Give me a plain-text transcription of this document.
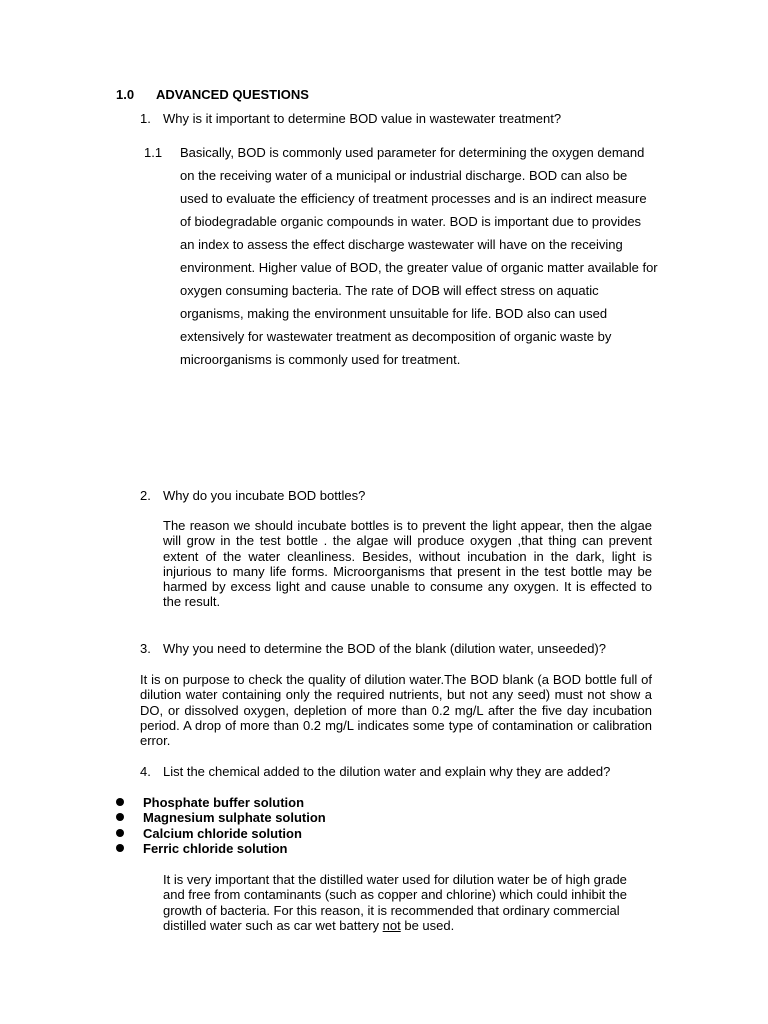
1.0 ADVANCED QUESTIONS
1. Why is it important to determine BOD value in wastewater treatment?
1.1 Basically, BOD is commonly used parameter for determining the oxygen demand on the receiving water of a municipal or industrial discharge. BOD can also be used to evaluate the efficiency of treatment processes and is an indirect measure of biodegradable organic compounds in water. BOD is important due to provides an index to assess the effect discharge wastewater will have on the receiving environment. Higher value of BOD, the greater value of organic matter available for oxygen consuming bacteria. The rate of DOB will effect stress on aquatic organisms, making the environment unsuitable for life. BOD also can used extensively for wastewater treatment as decomposition of organic waste by microorganisms is commonly used for treatment.
2. Why do you incubate BOD bottles?
The reason we should incubate bottles is to prevent the light appear, then the algae will grow in the test bottle . the algae will produce oxygen ,that thing can prevent extent of the water cleanliness. Besides, without incubation in the dark, light is injurious to many life forms. Microorganisms that present in the test bottle may be harmed by excess light and cause unable to consume any oxygen. It is effected to the result.
3. Why you need to determine the BOD of the blank (dilution water, unseeded)?
It is on purpose to check the quality of dilution water.The BOD blank (a BOD bottle full of dilution water containing only the required nutrients, but not any seed) must not show a DO, or dissolved oxygen, depletion of more than 0.2 mg/L after the five day incubation period. A drop of more than 0.2 mg/L indicates some type of contamination or calibration error.
4. List the chemical added to the dilution water and explain why they are added?
Phosphate buffer solution
Magnesium sulphate solution
Calcium chloride solution
Ferric chloride solution
It is very important that the distilled water used for dilution water be of high grade and free from contaminants (such as copper and chlorine) which could inhibit the growth of bacteria. For this reason, it is recommended that ordinary commercial distilled water such as car wet battery not be used.
